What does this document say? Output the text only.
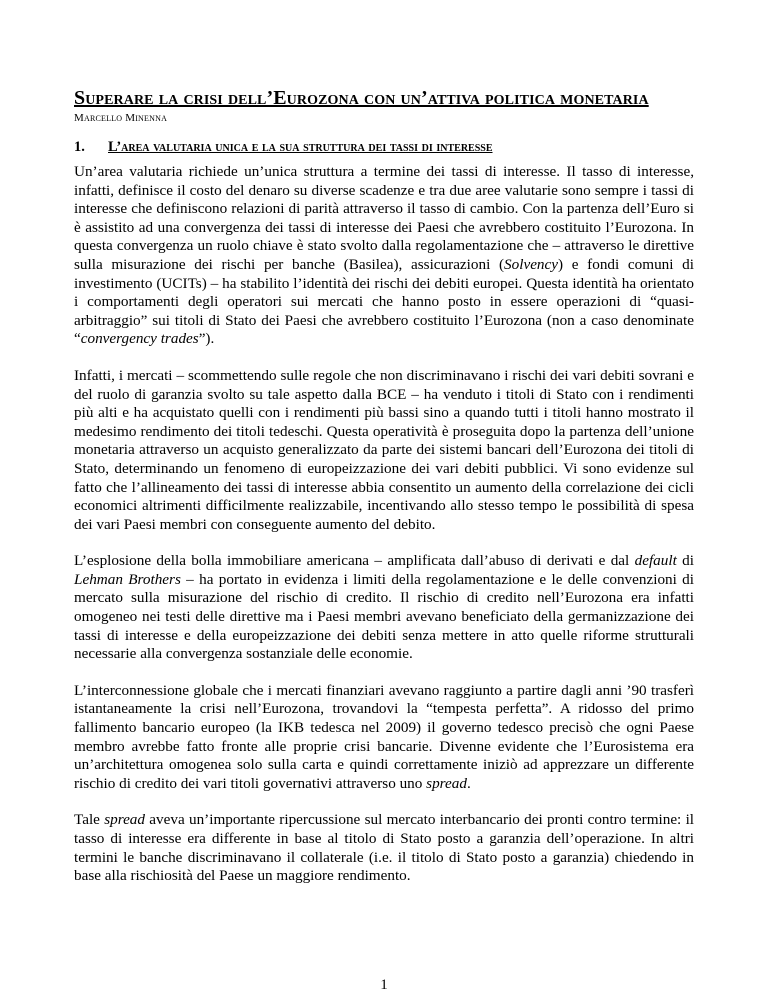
Superare la crisi dell’Eurozona con un’attiva politica monetaria
Marcello Minenna
1.	L’area valutaria unica e la sua struttura dei tassi di interesse

Un’area valutaria richiede un’unica struttura a termine dei tassi di interesse. Il tasso di interesse, infatti, definisce il costo del denaro su diverse scadenze e tra due aree valutarie sono sempre i tassi di interesse che definiscono relazioni di parità attraverso il tasso di cambio. Con la partenza dell’Euro si è assistito ad una convergenza dei tassi di interesse dei Paesi che avrebbero costituito l’Eurozona. In questa convergenza un ruolo chiave è stato svolto dalla regolamentazione che – attraverso le direttive sulla misurazione dei rischi per banche (Basilea), assicurazioni (Solvency) e fondi comuni di investimento (UCITs) – ha stabilito l’identità dei rischi dei debiti europei. Questa identità ha orientato i comportamenti degli operatori sui mercati che hanno posto in essere operazioni di “quasi-arbitraggio” sui titoli di Stato dei Paesi che avrebbero costituito l’Eurozona (non a caso denominate “convergency trades”).

Infatti, i mercati – scommettendo sulle regole che non discriminavano i rischi dei vari debiti sovrani e del ruolo di garanzia svolto su tale aspetto dalla BCE – ha venduto i titoli di Stato con i rendimenti più alti e ha acquistato quelli con i rendimenti più bassi sino a quando tutti i titoli hanno mostrato il medesimo rendimento dei titoli tedeschi. Questa operatività è proseguita dopo la partenza dell’unione monetaria attraverso un acquisto generalizzato da parte dei sistemi bancari dell’Eurozona dei titoli di Stato, determinando un fenomeno di europeizzazione dei vari debiti pubblici. Vi sono evidenze sul fatto che l’allineamento dei tassi di interesse abbia consentito un aumento della correlazione dei cicli economici altrimenti difficilmente realizzabile, incentivando allo stesso tempo le possibilità di spesa dei vari Paesi membri con conseguente aumento del debito.

L’esplosione della bolla immobiliare americana – amplificata dall’abuso di derivati e dal default di Lehman Brothers – ha portato in evidenza i limiti della regolamentazione e le delle convenzioni di mercato sulla misurazione del rischio di credito. Il rischio di credito nell’Eurozona era infatti omogeneo nei testi delle direttive ma i Paesi membri avevano beneficiato della germanizzazione dei tassi di interesse e della europeizzazione dei debiti senza mettere in atto quelle riforme strutturali necessarie alla convergenza sostanziale delle economie.

L’interconnessione globale che i mercati finanziari avevano raggiunto a partire dagli anni ’90 trasferì istantaneamente la crisi nell’Eurozona, trovandovi la “tempesta perfetta”. A ridosso del primo fallimento bancario europeo (la IKB tedesca nel 2009) il governo tedesco precisò che ogni Paese membro avrebbe fatto fronte alle proprie crisi bancarie. Divenne evidente che l’Eurosistema era un’architettura omogenea solo sulla carta e quindi correttamente iniziò ad apprezzare un differente rischio di credito dei vari titoli governativi attraverso uno spread.

Tale spread aveva un’importante ripercussione sul mercato interbancario dei pronti contro termine: il tasso di interesse era differente in base al titolo di Stato posto a garanzia dell’operazione. In altri termini le banche discriminavano il collaterale (i.e. il titolo di Stato posto a garanzia) chiedendo in base alla rischiosità del Paese un maggiore rendimento.

1
